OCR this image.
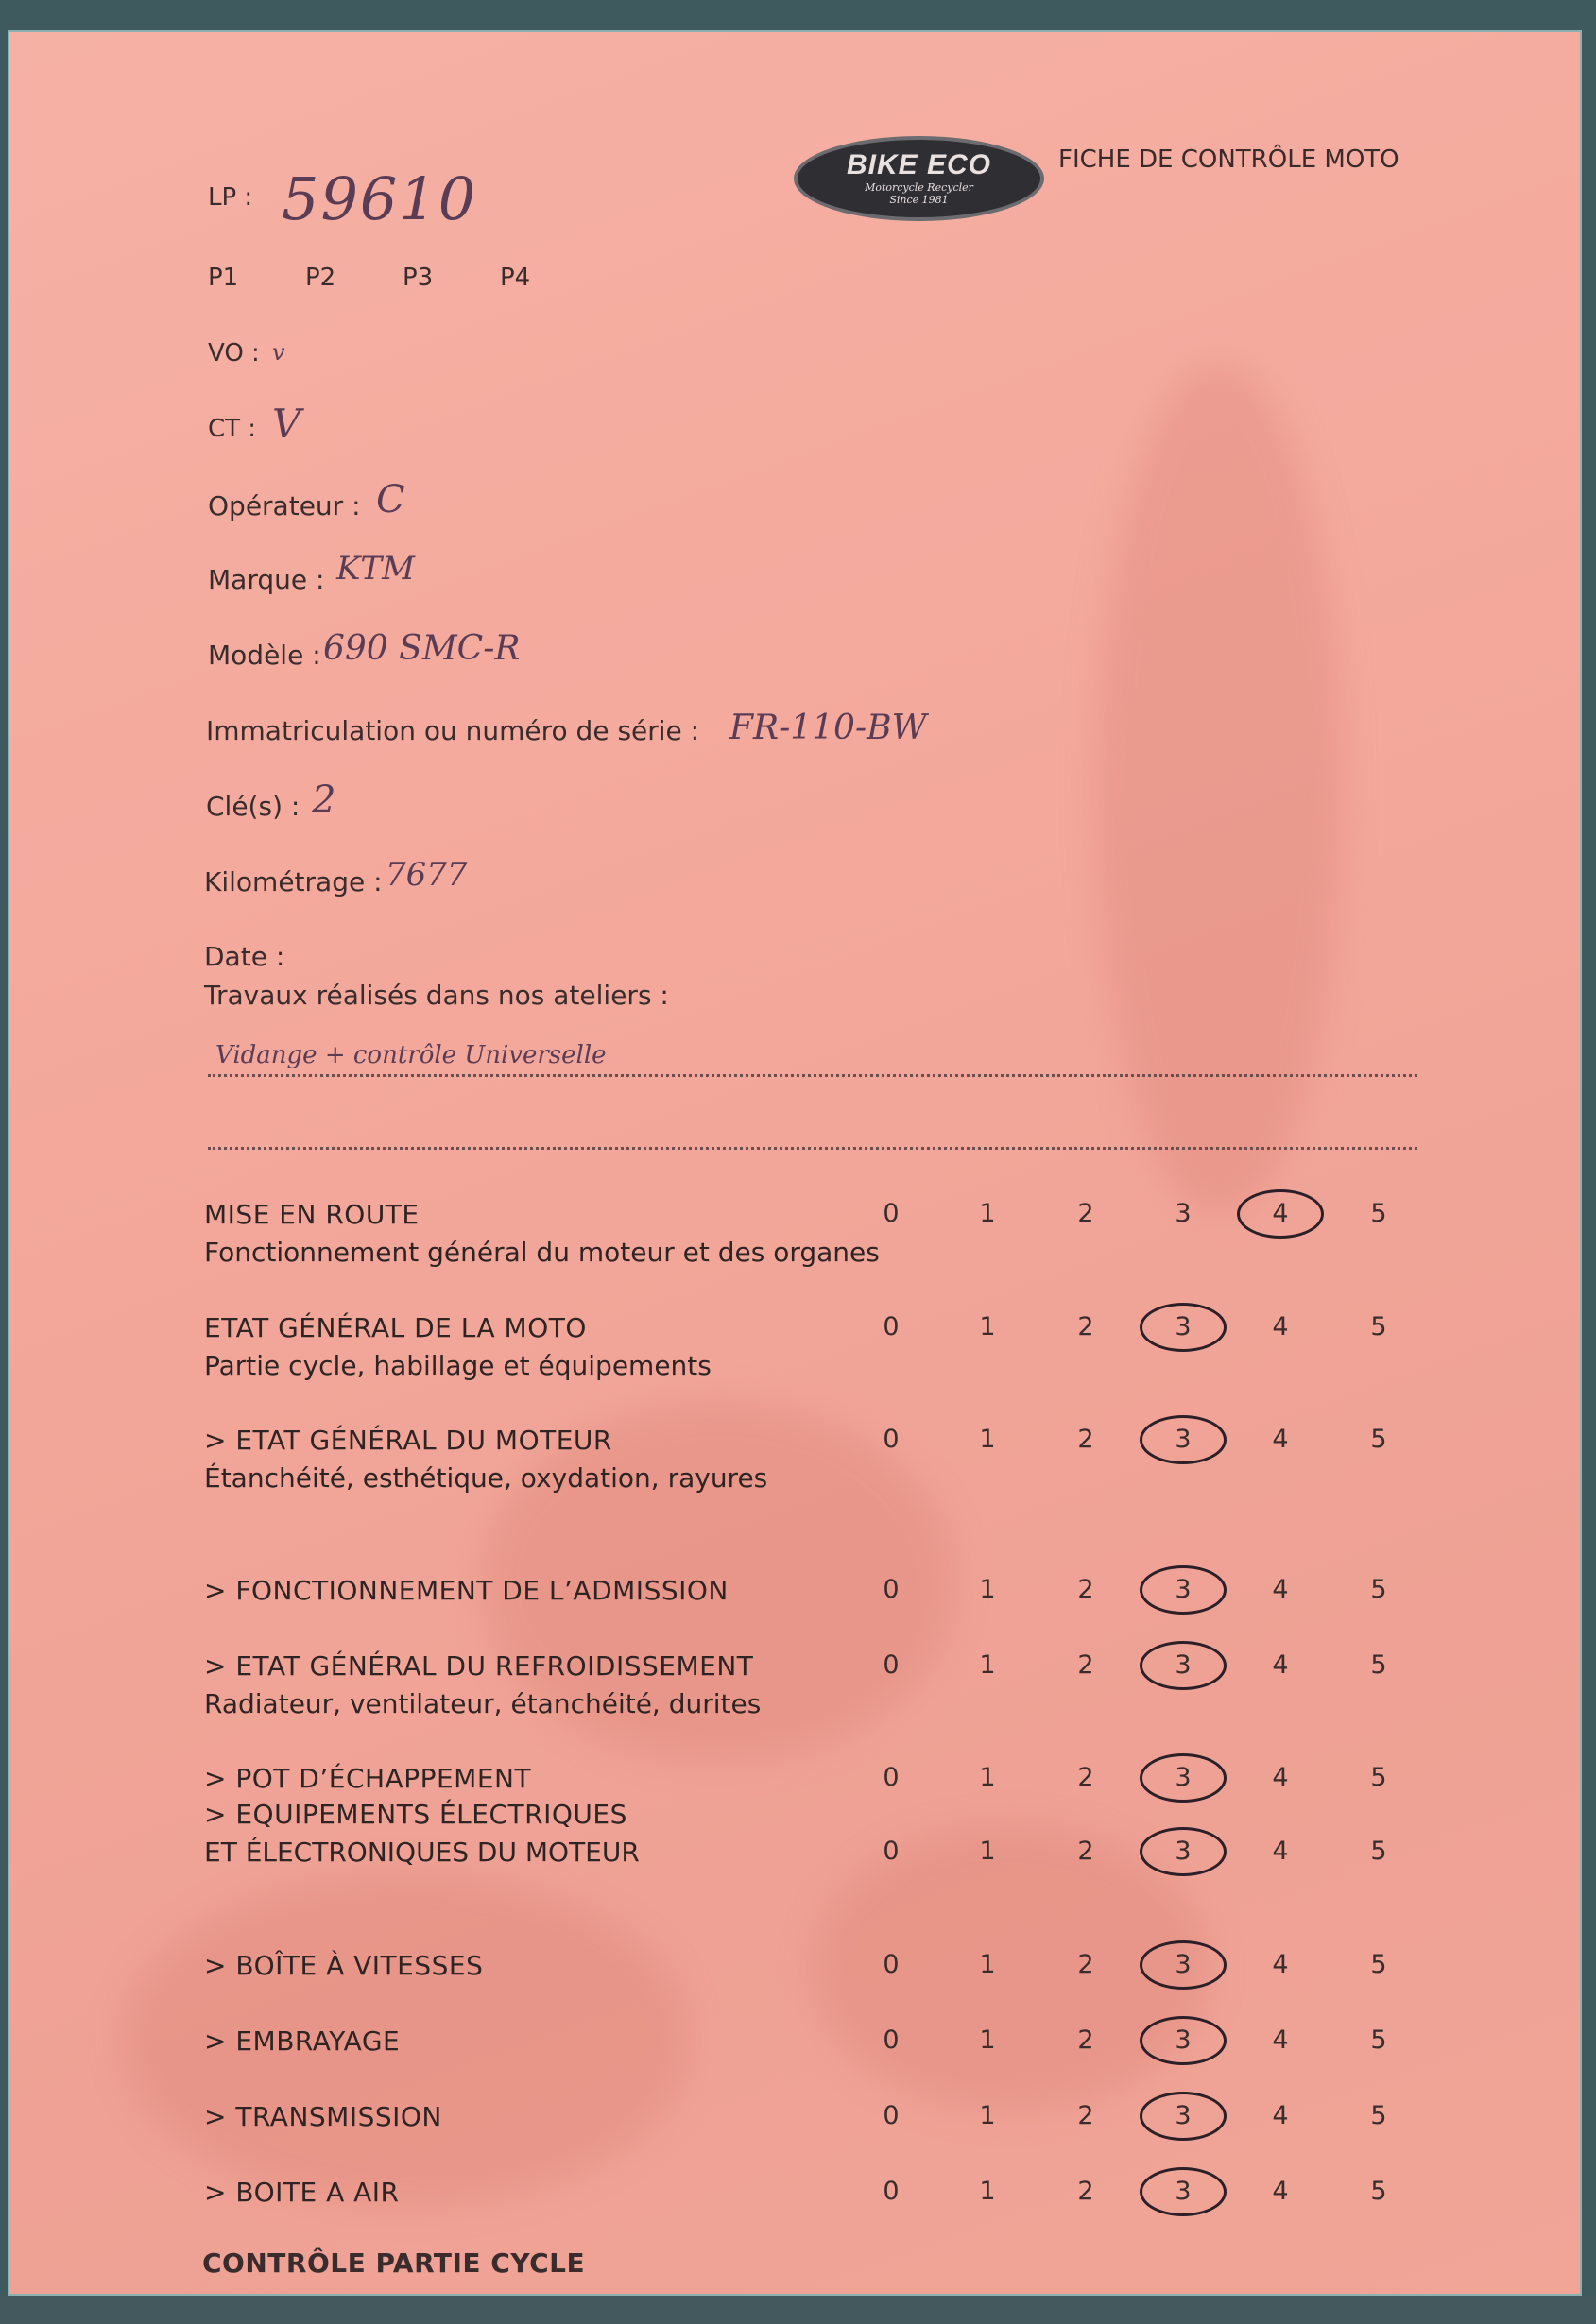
BIKE ECO
Motorcycle Recycler
Since 1981
FICHE DE CONTRÔLE MOTO
LP : 59610
P1	P2	P3	P4
VO : v
CT : V
Opérateur : C
Marque : KTM
Modèle : 690 SMC-R
Immatriculation ou numéro de série : FR-110-BW
Clé(s) : 2
Kilométrage : 7677
Date :
Travaux réalisés dans nos ateliers :
Vidange + contrôle Universelle
MISE EN ROUTE
Fonctionnement général du moteur et des organes
0	1	2	3	4	5
ETAT GÉNÉRAL DE LA MOTO
Partie cycle, habillage et équipements
0	1	2	3	4	5
> ETAT GÉNÉRAL DU MOTEUR
Étanchéité, esthétique, oxydation, rayures
0	1	2	3	4	5
> FONCTIONNEMENT DE L’ADMISSION	0	1	2	3	4	5
> ETAT GÉNÉRAL DU REFROIDISSEMENT
Radiateur, ventilateur, étanchéité, durites
0	1	2	3	4	5
> POT D’ÉCHAPPEMENT	0	1	2	3	4	5
> EQUIPEMENTS ÉLECTRIQUES
ET ÉLECTRONIQUES DU MOTEUR	0	1	2	3	4	5
> BOÎTE À VITESSES	0	1	2	3	4	5
> EMBRAYAGE	0	1	2	3	4	5
> TRANSMISSION	0	1	2	3	4	5
> BOITE A AIR	0	1	2	3	4	5
CONTRÔLE PARTIE CYCLE
